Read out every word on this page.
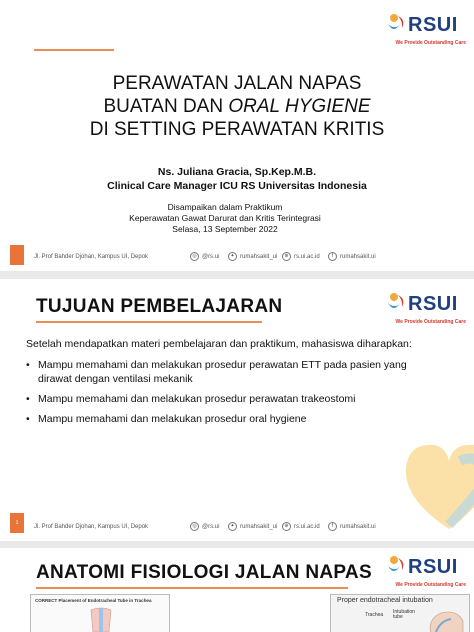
RSUI
We Provide Outstanding Care
PERAWATAN JALAN NAPAS
BUATAN DAN ORAL HYGIENE
DI SETTING PERAWATAN KRITIS
Ns. Juliana Gracia, Sp.Kep.M.B.
Clinical Care Manager ICU RS Universitas Indonesia
Disampaikan dalam Praktikum
Keperawatan Gawat Darurat dan Kritis Terintegrasi
Selasa, 13 September 2022
Jl. Prof Bahder Djohan, Kampus UI, Depok	◎ @rs.ui	✦ rumahsakit_ui	⊕ rs.ui.ac.id	f	rumahsakit.ui
RSUI
We Provide Outstanding Care
TUJUAN PEMBELAJARAN
Setelah mendapatkan materi pembelajaran dan praktikum, mahasiswa diharapkan:
• Mampu memahami dan melakukan prosedur perawatan ETT pada pasien yang dirawat dengan ventilasi mekanik
• Mampu memahami dan melakukan prosedur perawatan trakeostomi
• Mampu memahami dan melakukan prosedur oral hygiene
1
Jl. Prof Bahder Djohan, Kampus UI, Depok	◎ @rs.ui	✦ rumahsakit_ui	⊕ rs.ui.ac.id	f	rumahsakit.ui
RSUI
We Provide Outstanding Care
ANATOMI FISIOLOGI JALAN NAPAS
CORRECT Placement of Endotracheal Tube in Trachea	Proper endotracheal intubation
Trachea Intubation tube
